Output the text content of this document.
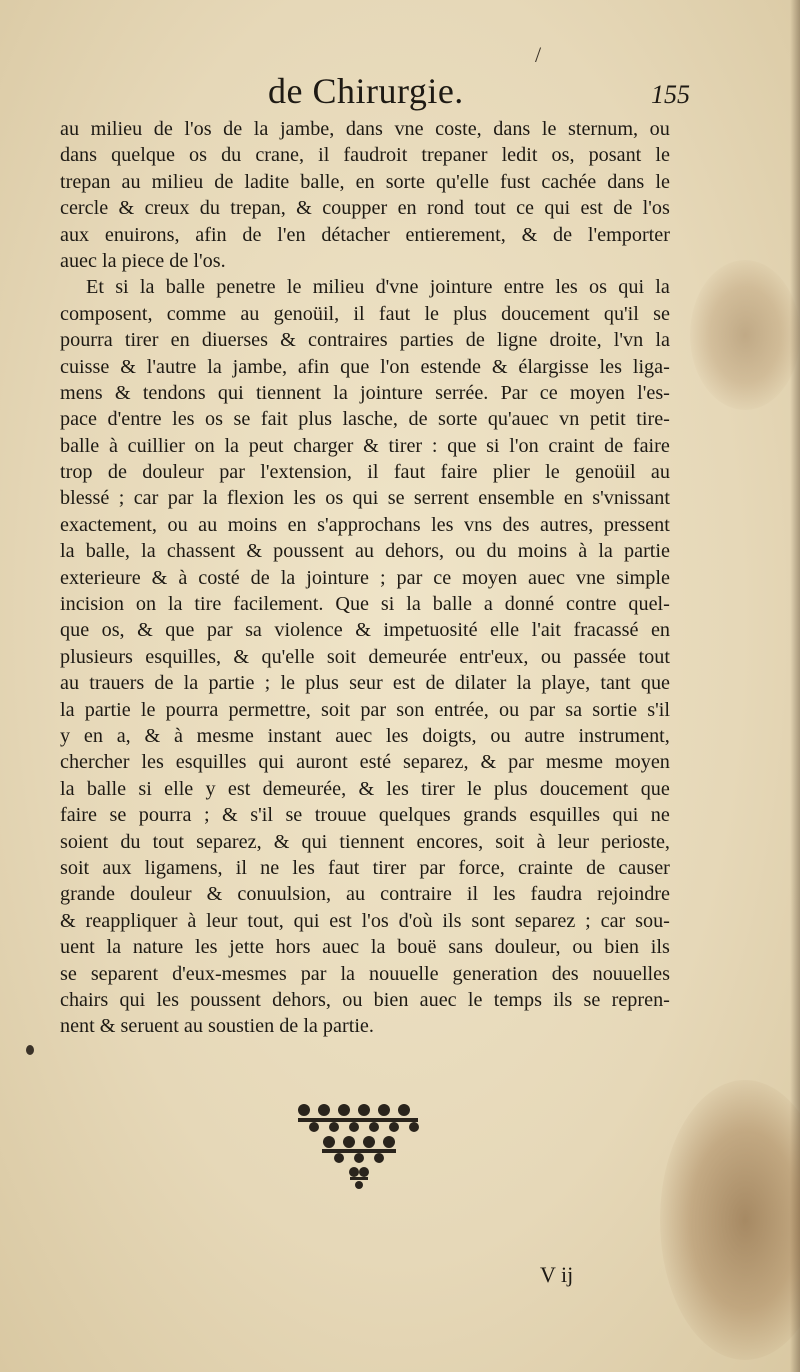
de Chirurgie.	155
/
au milieu de l'os de la jambe, dans vne coste, dans le sternum, ou
dans quelque os du crane, il faudroit trepaner ledit os, posant le
trepan au milieu de ladite balle, en sorte qu'elle fust cachée dans le
cercle & creux du trepan, & coupper en rond tout ce qui est de l'os
aux enuirons, afin de l'en détacher entierement, & de l'emporter
auec la piece de l'os.
Et si la balle penetre le milieu d'vne jointure entre les os qui la
composent, comme au genoüil, il faut le plus doucement qu'il se
pourra tirer en diuerses & contraires parties de ligne droite, l'vn la
cuisse & l'autre la jambe, afin que l'on estende & élargisse les liga-
mens & tendons qui tiennent la jointure serrée. Par ce moyen l'es-
pace d'entre les os se fait plus lasche, de sorte qu'auec vn petit tire-
balle à cuillier on la peut charger & tirer : que si l'on craint de faire
trop de douleur par l'extension, il faut faire plier le genoüil au
blessé ; car par la flexion les os qui se serrent ensemble en s'vnissant
exactement, ou au moins en s'approchans les vns des autres, pressent
la balle, la chassent & poussent au dehors, ou du moins à la partie
exterieure & à costé de la jointure ; par ce moyen auec vne simple
incision on la tire facilement. Que si la balle a donné contre quel-
que os, & que par sa violence & impetuosité elle l'ait fracassé en
plusieurs esquilles, & qu'elle soit demeurée entr'eux, ou passée tout
au trauers de la partie ; le plus seur est de dilater la playe, tant que
la partie le pourra permettre, soit par son entrée, ou par sa sortie s'il
y en a, & à mesme instant auec les doigts, ou autre instrument,
chercher les esquilles qui auront esté separez, & par mesme moyen
la balle si elle y est demeurée, & les tirer le plus doucement que
faire se pourra ; & s'il se trouue quelques grands esquilles qui ne
soient du tout separez, & qui tiennent encores, soit à leur perioste,
soit aux ligamens, il ne les faut tirer par force, crainte de causer
grande douleur & conuulsion, au contraire il les faudra rejoindre
& reappliquer à leur tout, qui est l'os d'où ils sont separez ; car sou-
uent la nature les jette hors auec la bouë sans douleur, ou bien ils
se separent d'eux-mesmes par la nouuelle generation des nouuelles
chairs qui les poussent dehors, ou bien auec le temps ils se repren-
nent & seruent au soustien de la partie.
V ij
